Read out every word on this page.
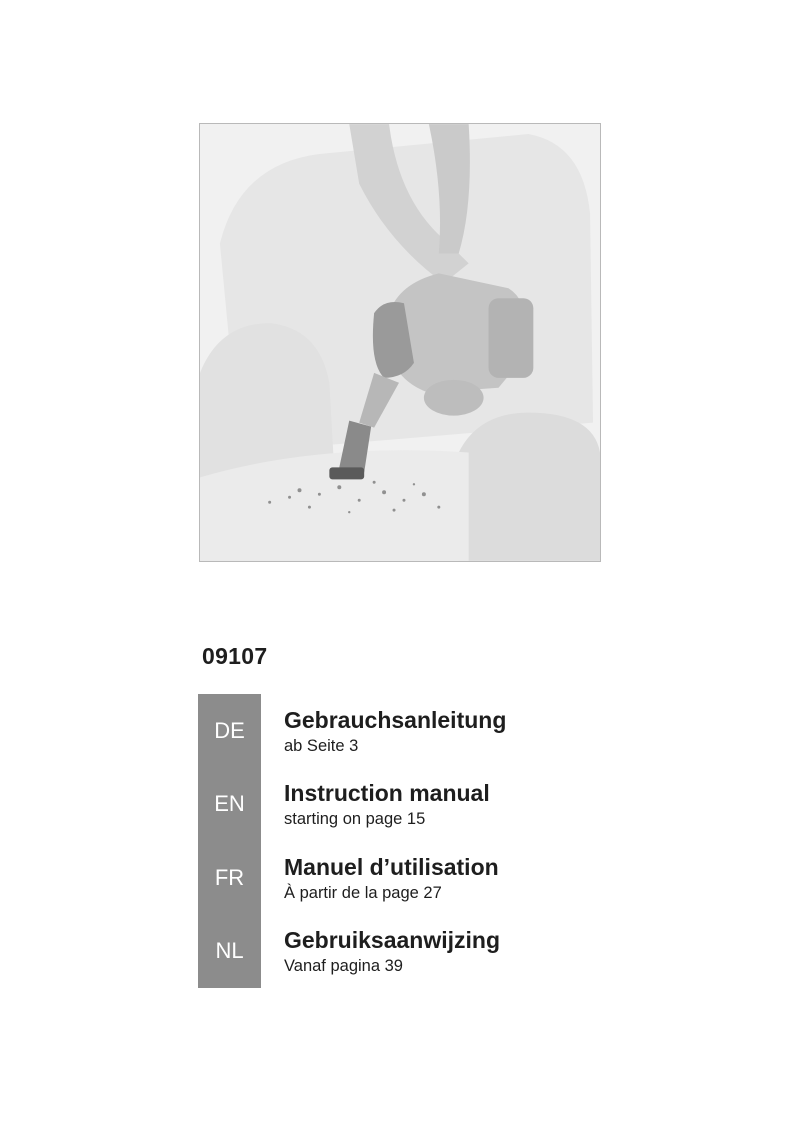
09107
DE	Gebrauchsanleitung
ab Seite 3
EN	Instruction manual
starting on page 15
FR	Manuel d’utilisation
À partir de la page 27
NL	Gebruiksaanwijzing
Vanaf pagina 39
